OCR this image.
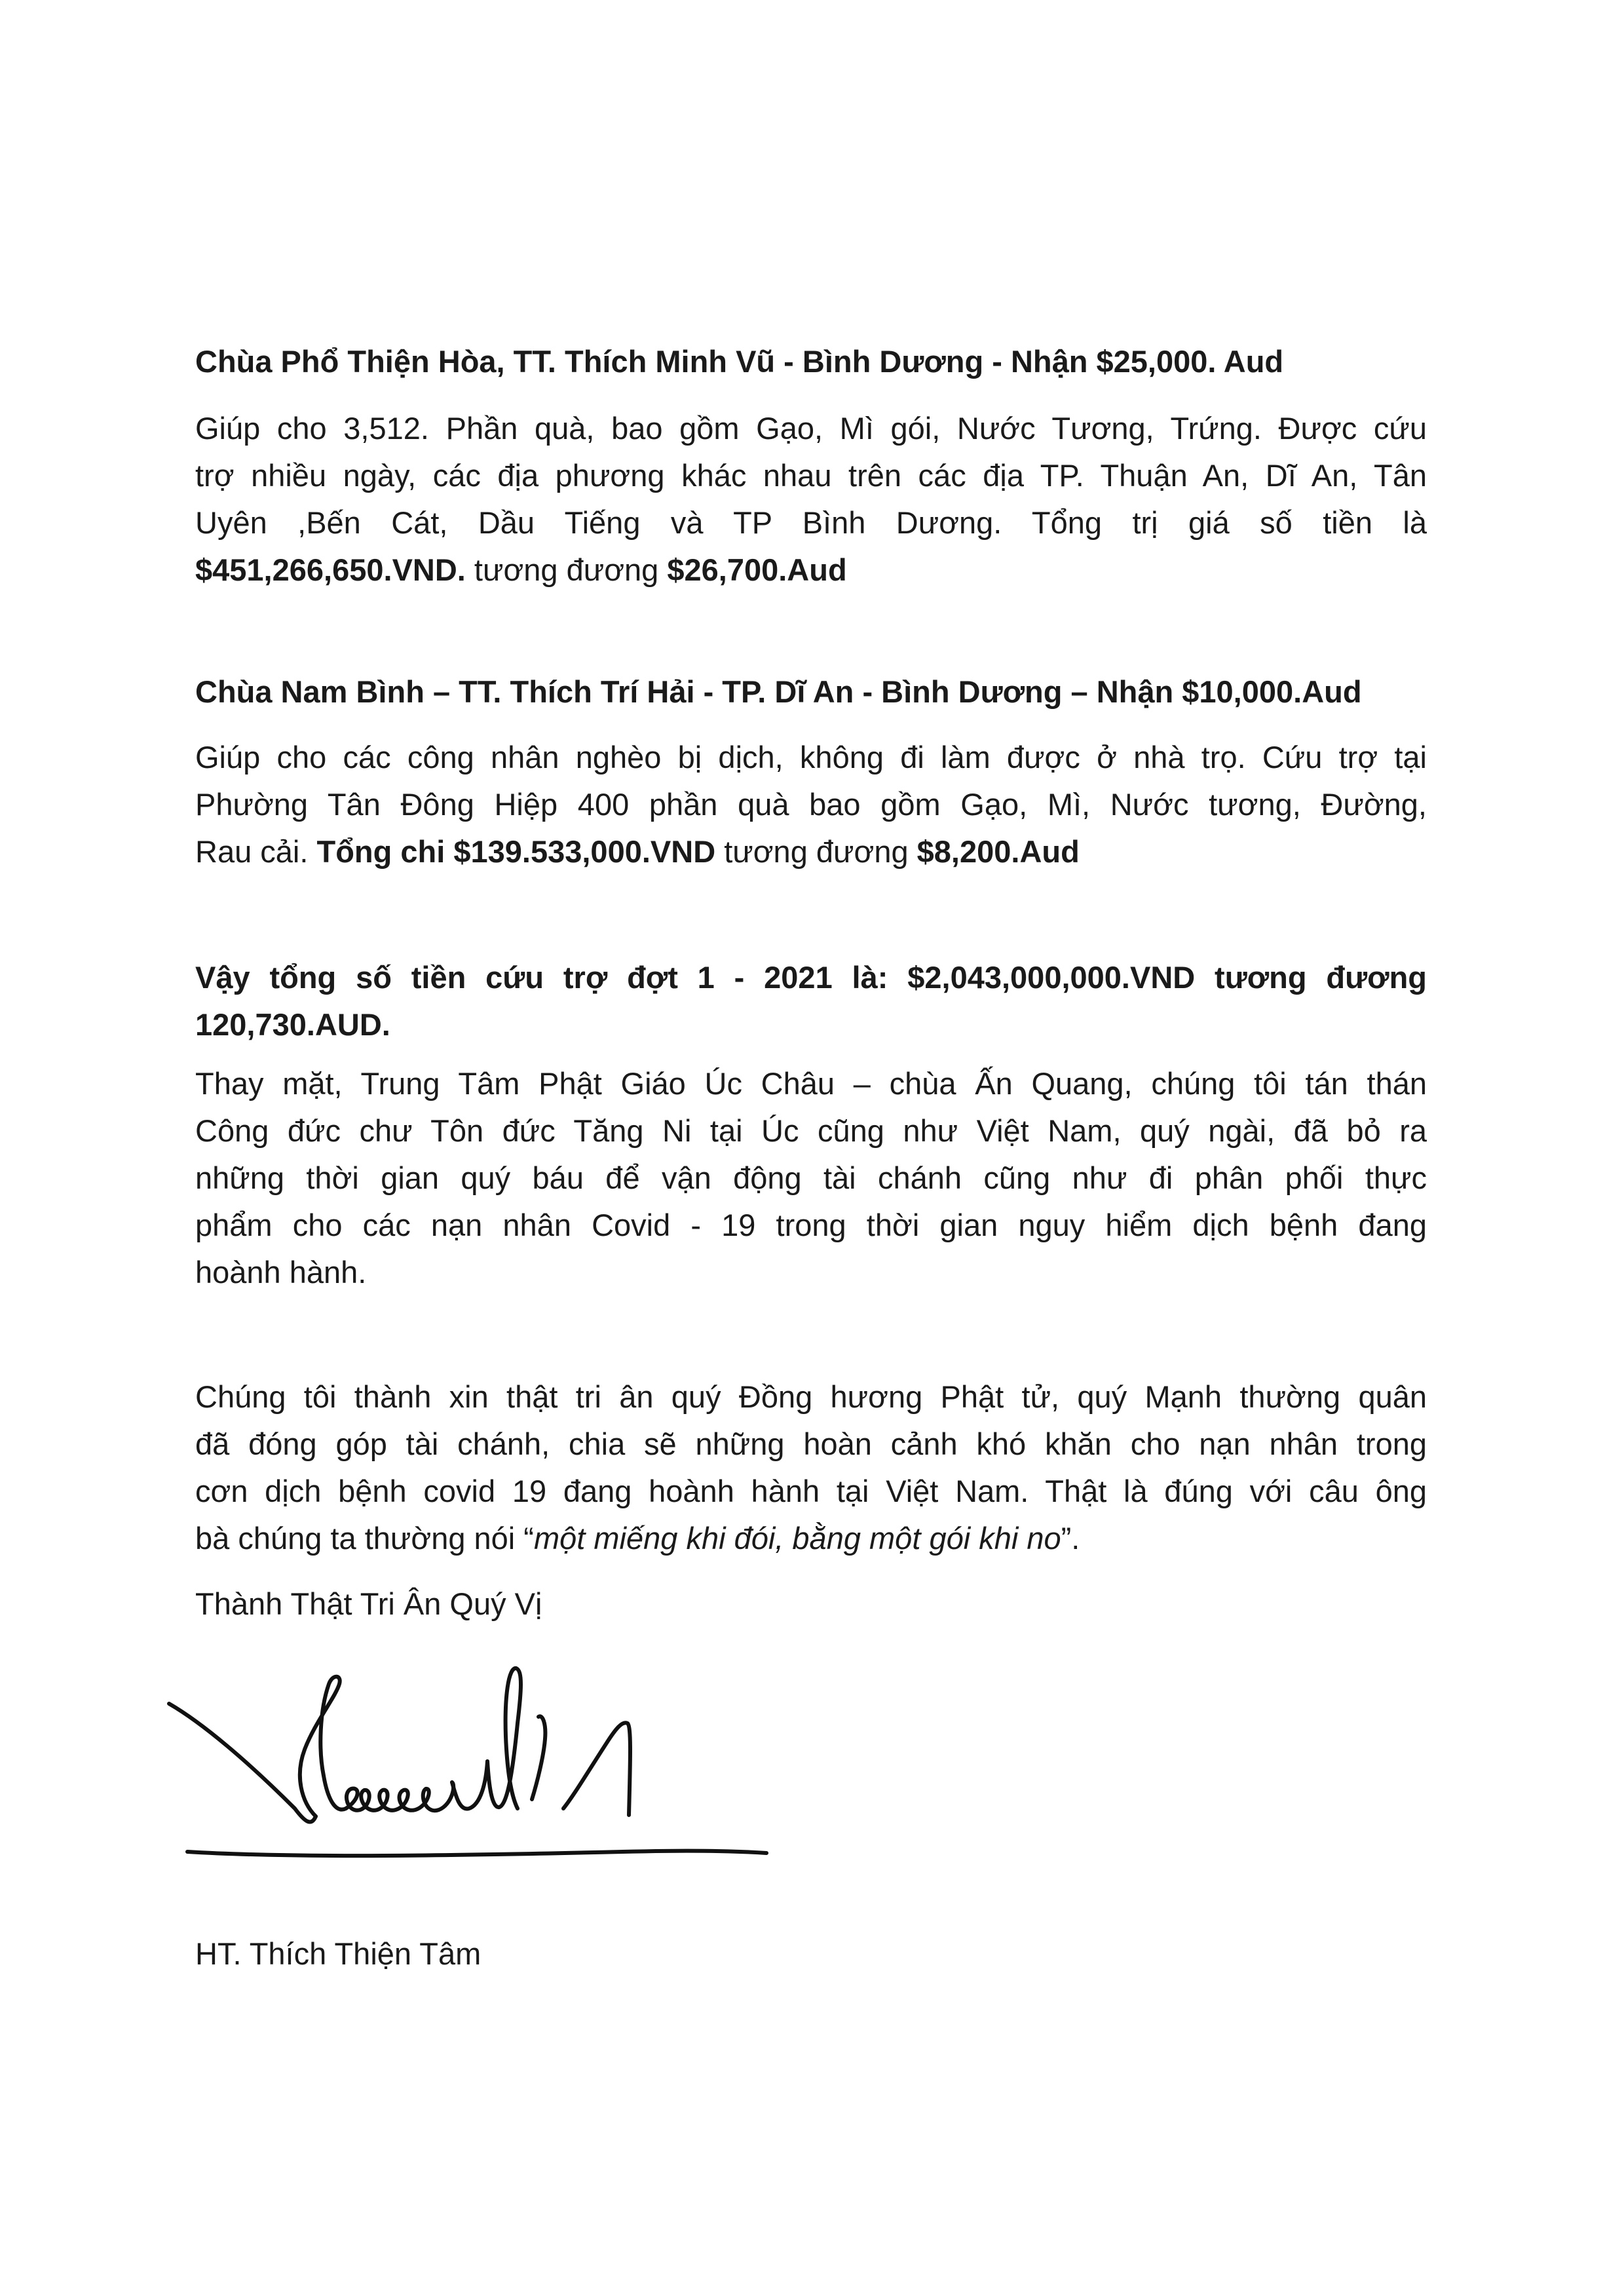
Chùa Phổ Thiện Hòa, TT. Thích Minh Vũ - Bình Dương - Nhận $25,000. Aud

Giúp cho 3,512. Phần quà, bao gồm Gạo, Mì gói, Nước Tương, Trứng. Được cứu
trợ nhiều ngày, các địa phương khác nhau trên các địa TP. Thuận An, Dĩ An, Tân
Uyên ,Bến Cát, Dầu Tiếng và TP Bình Dương. Tổng trị giá số tiền là
$451,266,650.VND. tương đương $26,700.Aud

Chùa Nam Bình – TT. Thích Trí Hải - TP. Dĩ An - Bình Dương – Nhận $10,000.Aud

Giúp cho các công nhân nghèo bị dịch, không đi làm được ở nhà trọ. Cứu trợ tại
Phường Tân Đông Hiệp 400 phần quà bao gồm Gạo, Mì, Nước tương, Đường,
Rau cải. Tổng chi $139.533,000.VND tương đương $8,200.Aud

Vậy tổng số tiền cứu trợ đợt 1 - 2021 là: $2,043,000,000.VND tương đương
120,730.AUD.

Thay mặt, Trung Tâm Phật Giáo Úc Châu – chùa Ấn Quang, chúng tôi tán thán
Công đức chư Tôn đức Tăng Ni tại Úc cũng như Việt Nam, quý ngài, đã bỏ ra
những thời gian quý báu để vận động tài chánh cũng như đi phân phối thực
phẩm cho các nạn nhân Covid - 19 trong thời gian nguy hiểm dịch bệnh đang
hoành hành.

Chúng tôi thành xin thật tri ân quý Đồng hương Phật tử, quý Mạnh thường quân
đã đóng góp tài chánh, chia sẽ những hoàn cảnh khó khăn cho nạn nhân trong
cơn dịch bệnh covid 19 đang hoành hành tại Việt Nam. Thật là đúng với câu ông
bà chúng ta thường nói “một miếng khi đói, bằng một gói khi no”.

Thành Thật Tri Ân Quý Vị

HT. Thích Thiện Tâm
